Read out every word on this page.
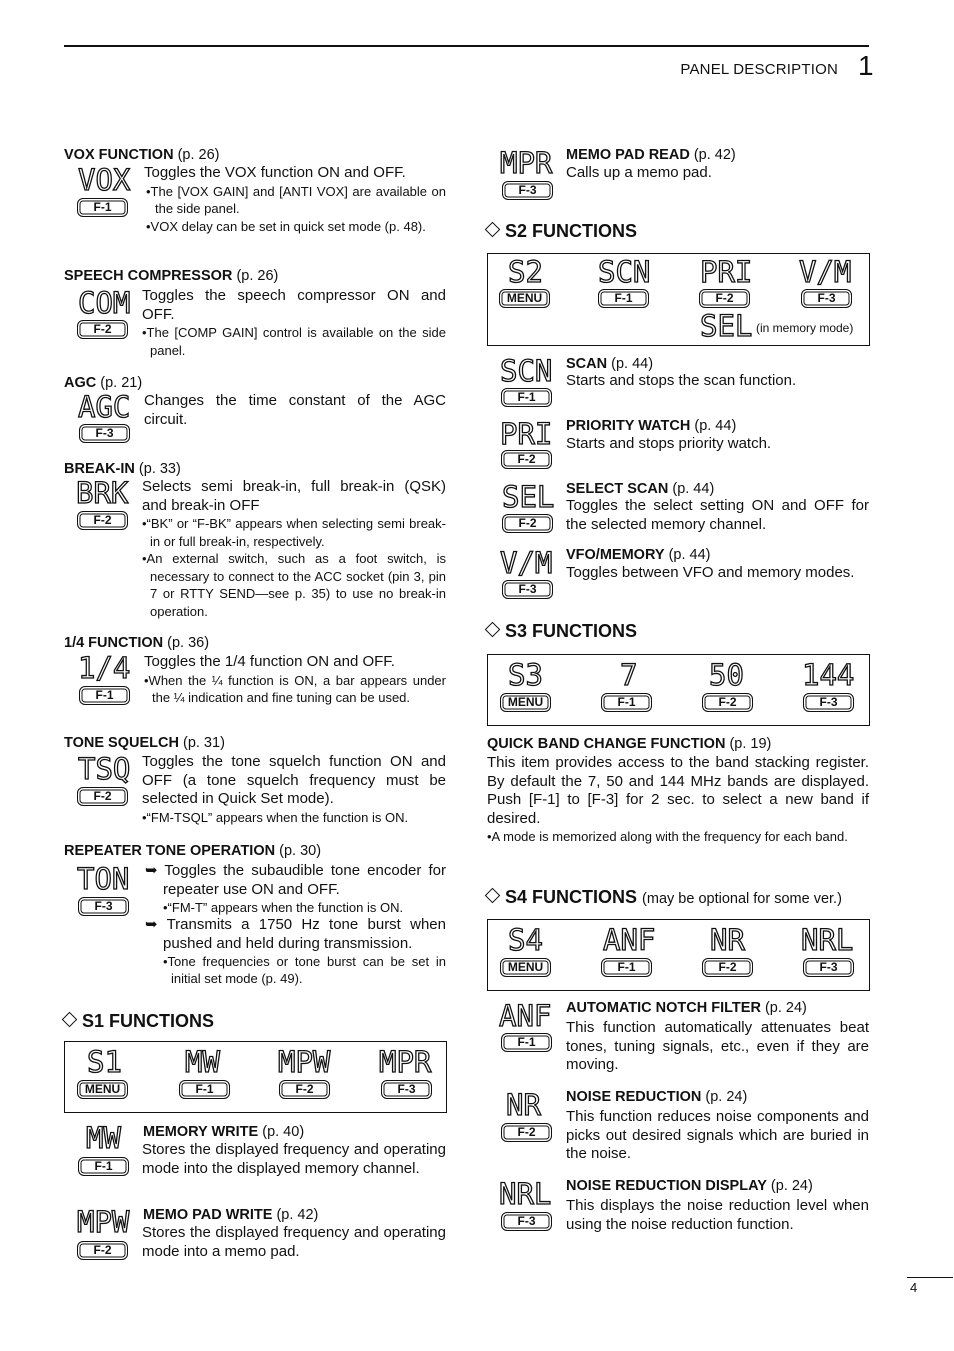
PANEL DESCRIPTION 1
4
VOX FUNCTION (p. 26)
VOX
F-1

Toggles the VOX function ON and OFF.

•The [VOX GAIN] and [ANTI VOX] are available on the side panel.

•VOX delay can be set in quick set mode (p. 48).

SPEECH COMPRESSOR (p. 26)
COM
F-2

Toggles the speech compressor ON and OFF.

•The [COMP GAIN] control is available on the side panel.

AGC (p. 21)
AGC
F-3

Changes the time constant of the AGC circuit.

BREAK-IN (p. 33)
BRK
F-2

Selects semi break-in, full break-in (QSK) and break-in OFF

•“BK” or “F-BK” appears when selecting semi break-in or full break-in, respectively.

•An external switch, such as a foot switch, is necessary to connect to the ACC socket (pin 3, pin 7 or RTTY SEND—see p. 35) to use no break-in operation.

1/4 FUNCTION (p. 36)
1/4
F-1

Toggles the 1/4 function ON and OFF.

•When the ¼ function is ON, a bar appears under the ¼ indication and fine tuning can be used.

TONE SQUELCH (p. 31)
TSQ
F-2

Toggles the tone squelch function ON and OFF (a tone squelch frequency must be selected in Quick Set mode).

•“FM-TSQL” appears when the function is ON.

REPEATER TONE OPERATION (p. 30)
TON
F-3

➥ Toggles the subaudible tone encoder for repeater use ON and OFF.

•“FM-T” appears when the function is ON.

➥ Transmits a 1750 Hz tone burst when pushed and held during transmission.

•Tone frequencies or tone burst can be set in initial set mode (p. 49).

S1 FUNCTIONS
S1 MW MPW MPR
MENU	F-1	F-2	F-3
MEMORY WRITE (p. 40)
MW
F-1

Stores the displayed frequency and operating mode into the displayed memory channel.

MEMO PAD WRITE (p. 42)
MPW
F-2

Stores the displayed frequency and operating mode into a memo pad.

MEMO PAD READ (p. 42)
MPR
F-3

Calls up a memo pad.

S2 FUNCTIONS
S2 SCN PRI V/M
MENU	F-1	F-2	F-3
SEL (in memory mode)
SCAN (p. 44)
SCN
F-1

Starts and stops the scan function.

PRIORITY WATCH (p. 44)
PRI
F-2

Starts and stops priority watch.

SELECT SCAN (p. 44)
SEL
F-2

Toggles the select setting ON and OFF for the selected memory channel.

VFO/MEMORY (p. 44)
V/M
F-3

Toggles between VFO and memory modes.

S3 FUNCTIONS
S3	7 50 144
MENU	F-1	F-2	F-3
QUICK BAND CHANGE FUNCTION (p. 19)

This item provides access to the band stacking register. By default the 7, 50 and 144 MHz bands are displayed. Push [F-1] to [F-3] for 2 sec. to select a new band if desired.

•A mode is memorized along with the frequency for each band.

S4 FUNCTIONS (may be optional for some ver.)
S4 ANF NR NRL
MENU	F-1	F-2	F-3
AUTOMATIC NOTCH FILTER (p. 24)
ANF
F-1

This function automatically attenuates beat tones, tuning signals, etc., even if they are moving.

NOISE REDUCTION (p. 24)
NR
F-2

This function reduces noise components and picks out desired signals which are buried in the noise.

NOISE REDUCTION DISPLAY (p. 24)
NRL
F-3

This displays the noise reduction level when using the noise reduction function.
